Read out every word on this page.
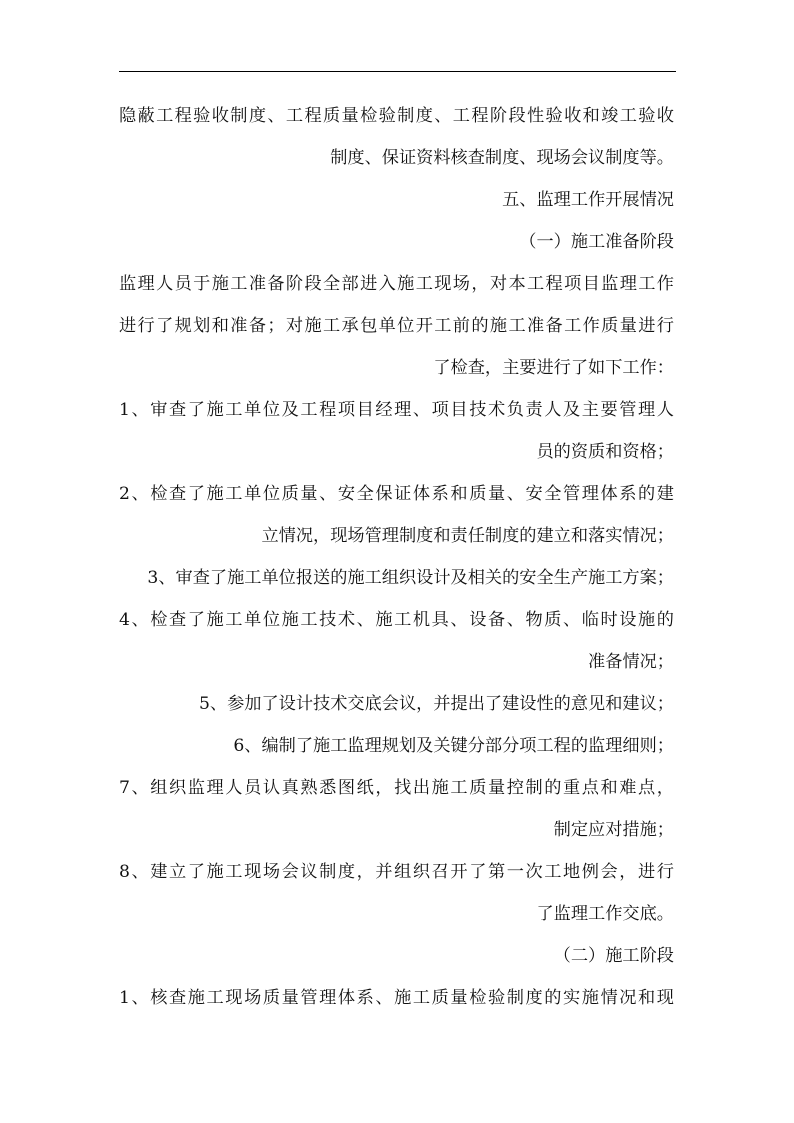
隐蔽工程验收制度、工程质量检验制度、工程阶段性验收和竣工验收
制度、保证资料核查制度、现场会议制度等。
五、监理工作开展情况
（一）施工准备阶段
监理人员于施工准备阶段全部进入施工现场，对本工程项目监理工作
进行了规划和准备；对施工承包单位开工前的施工准备工作质量进行
了检查，主要进行了如下工作：
1、审查了施工单位及工程项目经理、项目技术负责人及主要管理人
员的资质和资格；
2、检查了施工单位质量、安全保证体系和质量、安全管理体系的建
立情况，现场管理制度和责任制度的建立和落实情况；
3、审查了施工单位报送的施工组织设计及相关的安全生产施工方案；
4、检查了施工单位施工技术、施工机具、设备、物质、临时设施的
准备情况；
5、参加了设计技术交底会议，并提出了建设性的意见和建议；
6、编制了施工监理规划及关键分部分项工程的监理细则；
7、组织监理人员认真熟悉图纸，找出施工质量控制的重点和难点，
制定应对措施；
8、建立了施工现场会议制度，并组织召开了第一次工地例会，进行
了监理工作交底。
（二）施工阶段
1、核查施工现场质量管理体系、施工质量检验制度的实施情况和现
